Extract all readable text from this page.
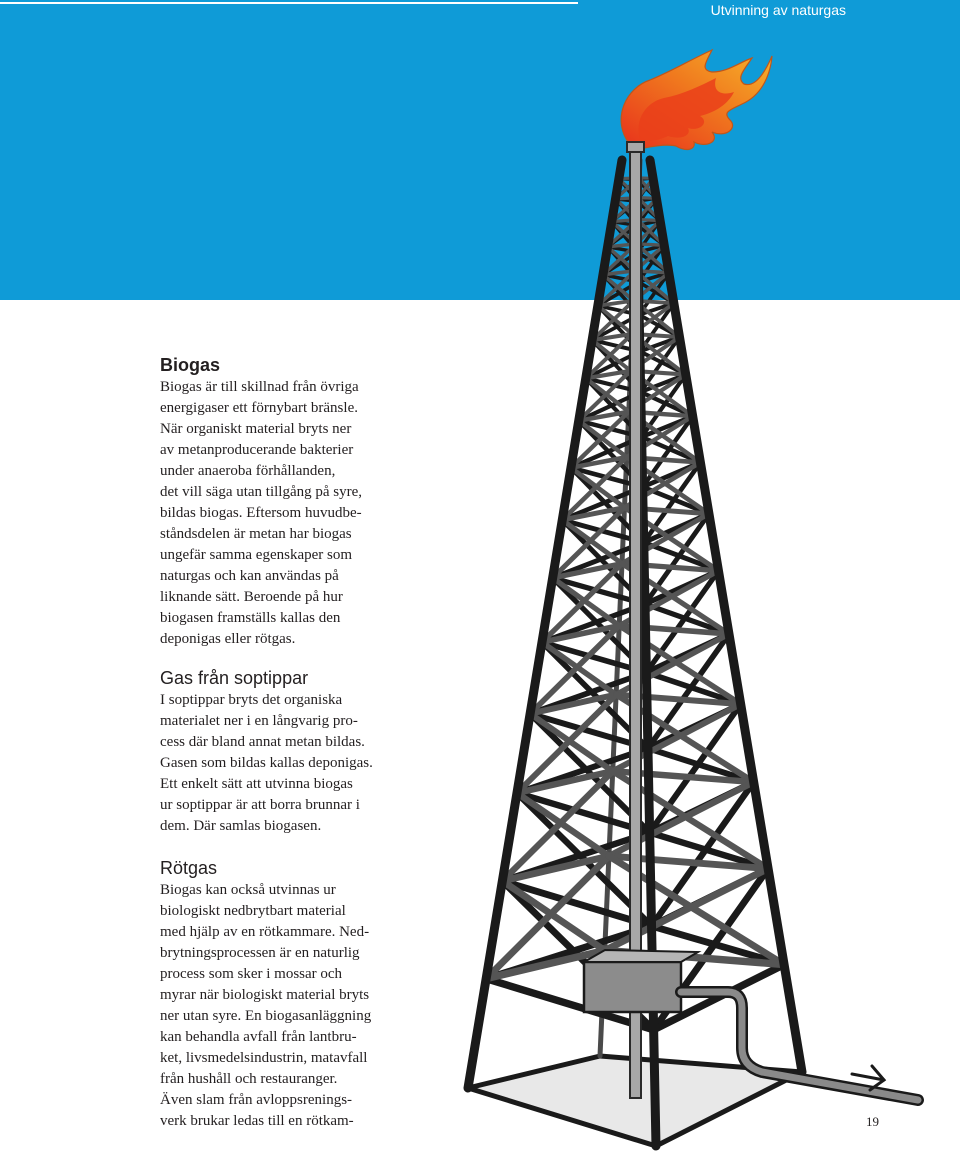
Utvinning av naturgas
Biogas

Biogas är till skillnad från övriga

energigaser ett förnybart bränsle.

När organiskt material bryts ner

av metanproducerande bakterier

under anaeroba förhållanden,

det vill säga utan tillgång på syre,

bildas biogas. Eftersom huvudbe-

ståndsdelen är metan har biogas

ungefär samma egenskaper som

naturgas och kan användas på

liknande sätt. Beroende på hur

biogasen framställs kallas den

deponigas eller rötgas.

Gas från soptippar

I soptippar bryts det organiska

materialet ner i en långvarig pro-

cess där bland annat metan bildas.

Gasen som bildas kallas deponigas.

Ett enkelt sätt att utvinna biogas

ur soptippar är att borra brunnar i

dem. Där samlas biogasen.

Rötgas

Biogas kan också utvinnas ur

biologiskt nedbrytbart material

med hjälp av en rötkammare. Ned-

brytningsprocessen är en naturlig

process som sker i mossar och

myrar när biologiskt material bryts

ner utan syre. En biogasanläggning

kan behandla avfall från lantbru-

ket, livsmedelsindustrin, matavfall

från hushåll och restauranger.

Även slam från avloppsrenings-

verk brukar ledas till en rötkam-	19
